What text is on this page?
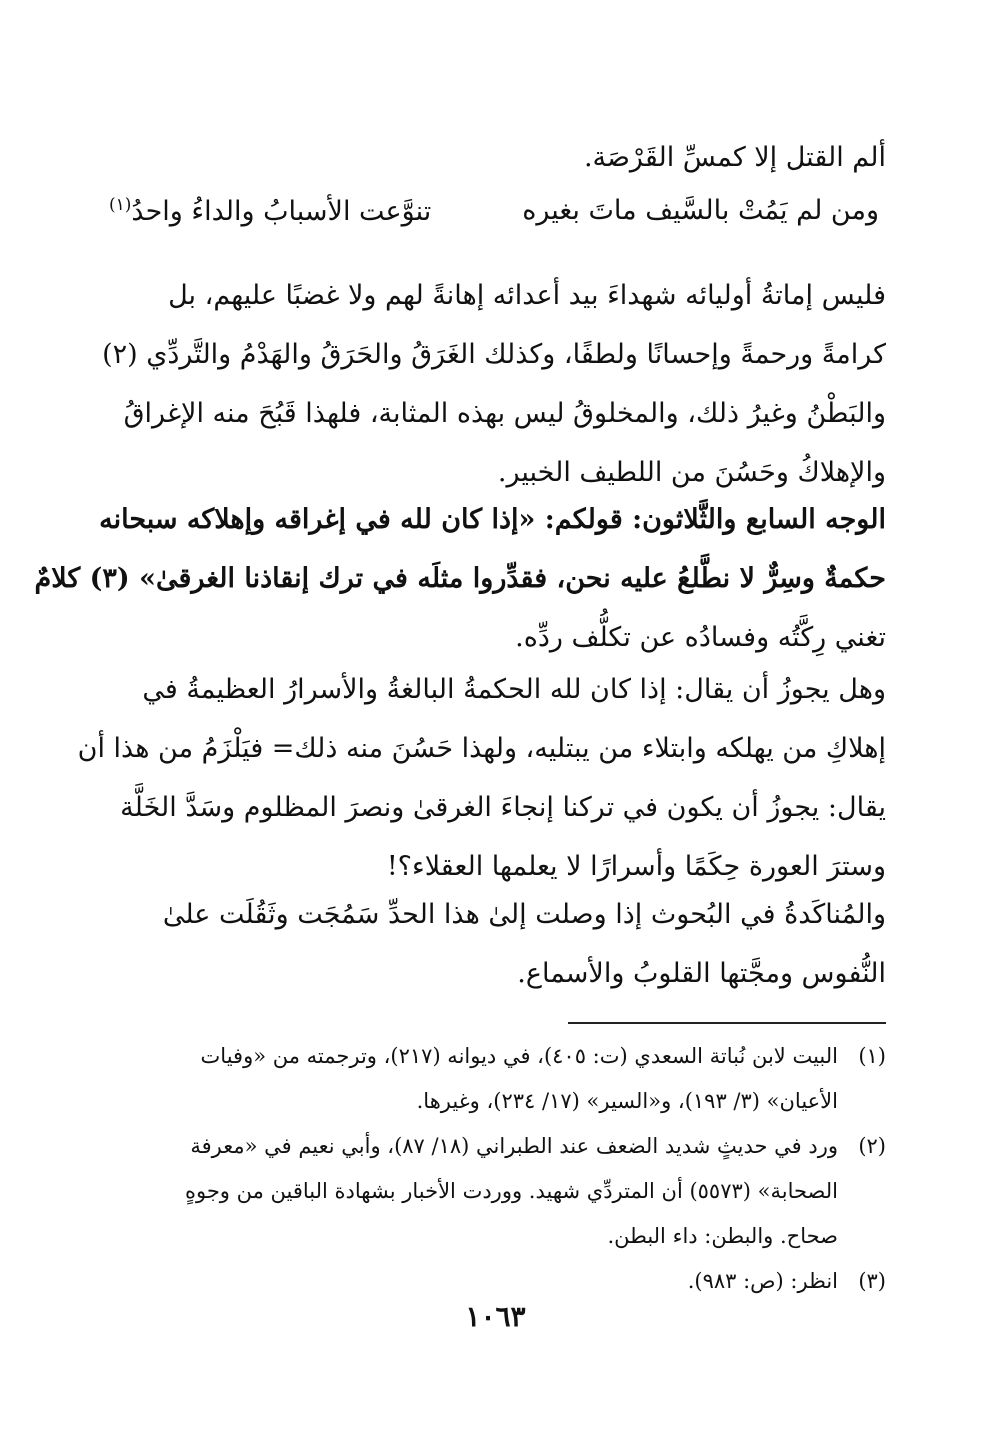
ألم القتل إلا كمسِّ القَرْصَة.
ومن لم يَمُتْ بالسَّيف ماتَ بغيره
تنوَّعت الأسبابُ والداءُ واحدُ$^{(١)}$
فليس إماتةُ أوليائه شهداءَ بيد أعدائه إهانةً لهم ولا غضبًا عليهم، بل
كرامةً ورحمةً وإحسانًا ولطفًا، وكذلك الغَرَقُ والحَرَقُ والهَدْمُ والتَّردِّي (٢)
والبَطْنُ وغيرُ ذلك، والمخلوقُ ليس بهذه المثابة، فلهذا قَبُحَ منه الإغراقُ
والإهلاكُ وحَسُنَ من اللطيف الخبير.
الوجه السابع والثَّلاثون: قولكم: «إذا كان لله في إغراقه وإهلاكه سبحانه
حكمةٌ وسِرٌّ لا نطَّلعُ عليه نحن، فقدِّروا مثلَه في ترك إنقاذنا الغرقىٰ» (٣) كلامٌ
تغني رِكَّتُه وفسادُه عن تكلُّف ردِّه.
وهل يجوزُ أن يقال: إذا كان لله الحكمةُ البالغةُ والأسرارُ العظيمةُ في
إهلاكِ من يهلكه وابتلاء من يبتليه، ولهذا حَسُنَ منه ذلك= فيَلْزَمُ من هذا أن
يقال: يجوزُ أن يكون في تركنا إنجاءَ الغرقىٰ ونصرَ المظلوم وسَدَّ الخَلَّة
وسترَ العورة حِكَمًا وأسرارًا لا يعلمها العقلاء؟!
والمُناكَدةُ في البُحوث إذا وصلت إلىٰ هذا الحدِّ سَمُجَت وثَقُلَت علىٰ
النُّفوس ومجَّتها القلوبُ والأسماع.
(١)البيت لابن نُباتة السعدي (ت: ٤٠٥)، في ديوانه (٢١٧)، وترجمته من «وفيات
الأعيان» (٣/ ١٩٣)، و«السير» (١٧/ ٢٣٤)، وغيرها.
(٢)ورد في حديثٍ شديد الضعف عند الطبراني (١٨/ ٨٧)، وأبي نعيم في «معرفة
الصحابة» (٥٥٧٣) أن المتردِّي شهيد. ووردت الأخبار بشهادة الباقين من وجوهٍ
صحاح. والبطن: داء البطن.
(٣)انظر: (ص: ٩٨٣).
١٠٦٣
